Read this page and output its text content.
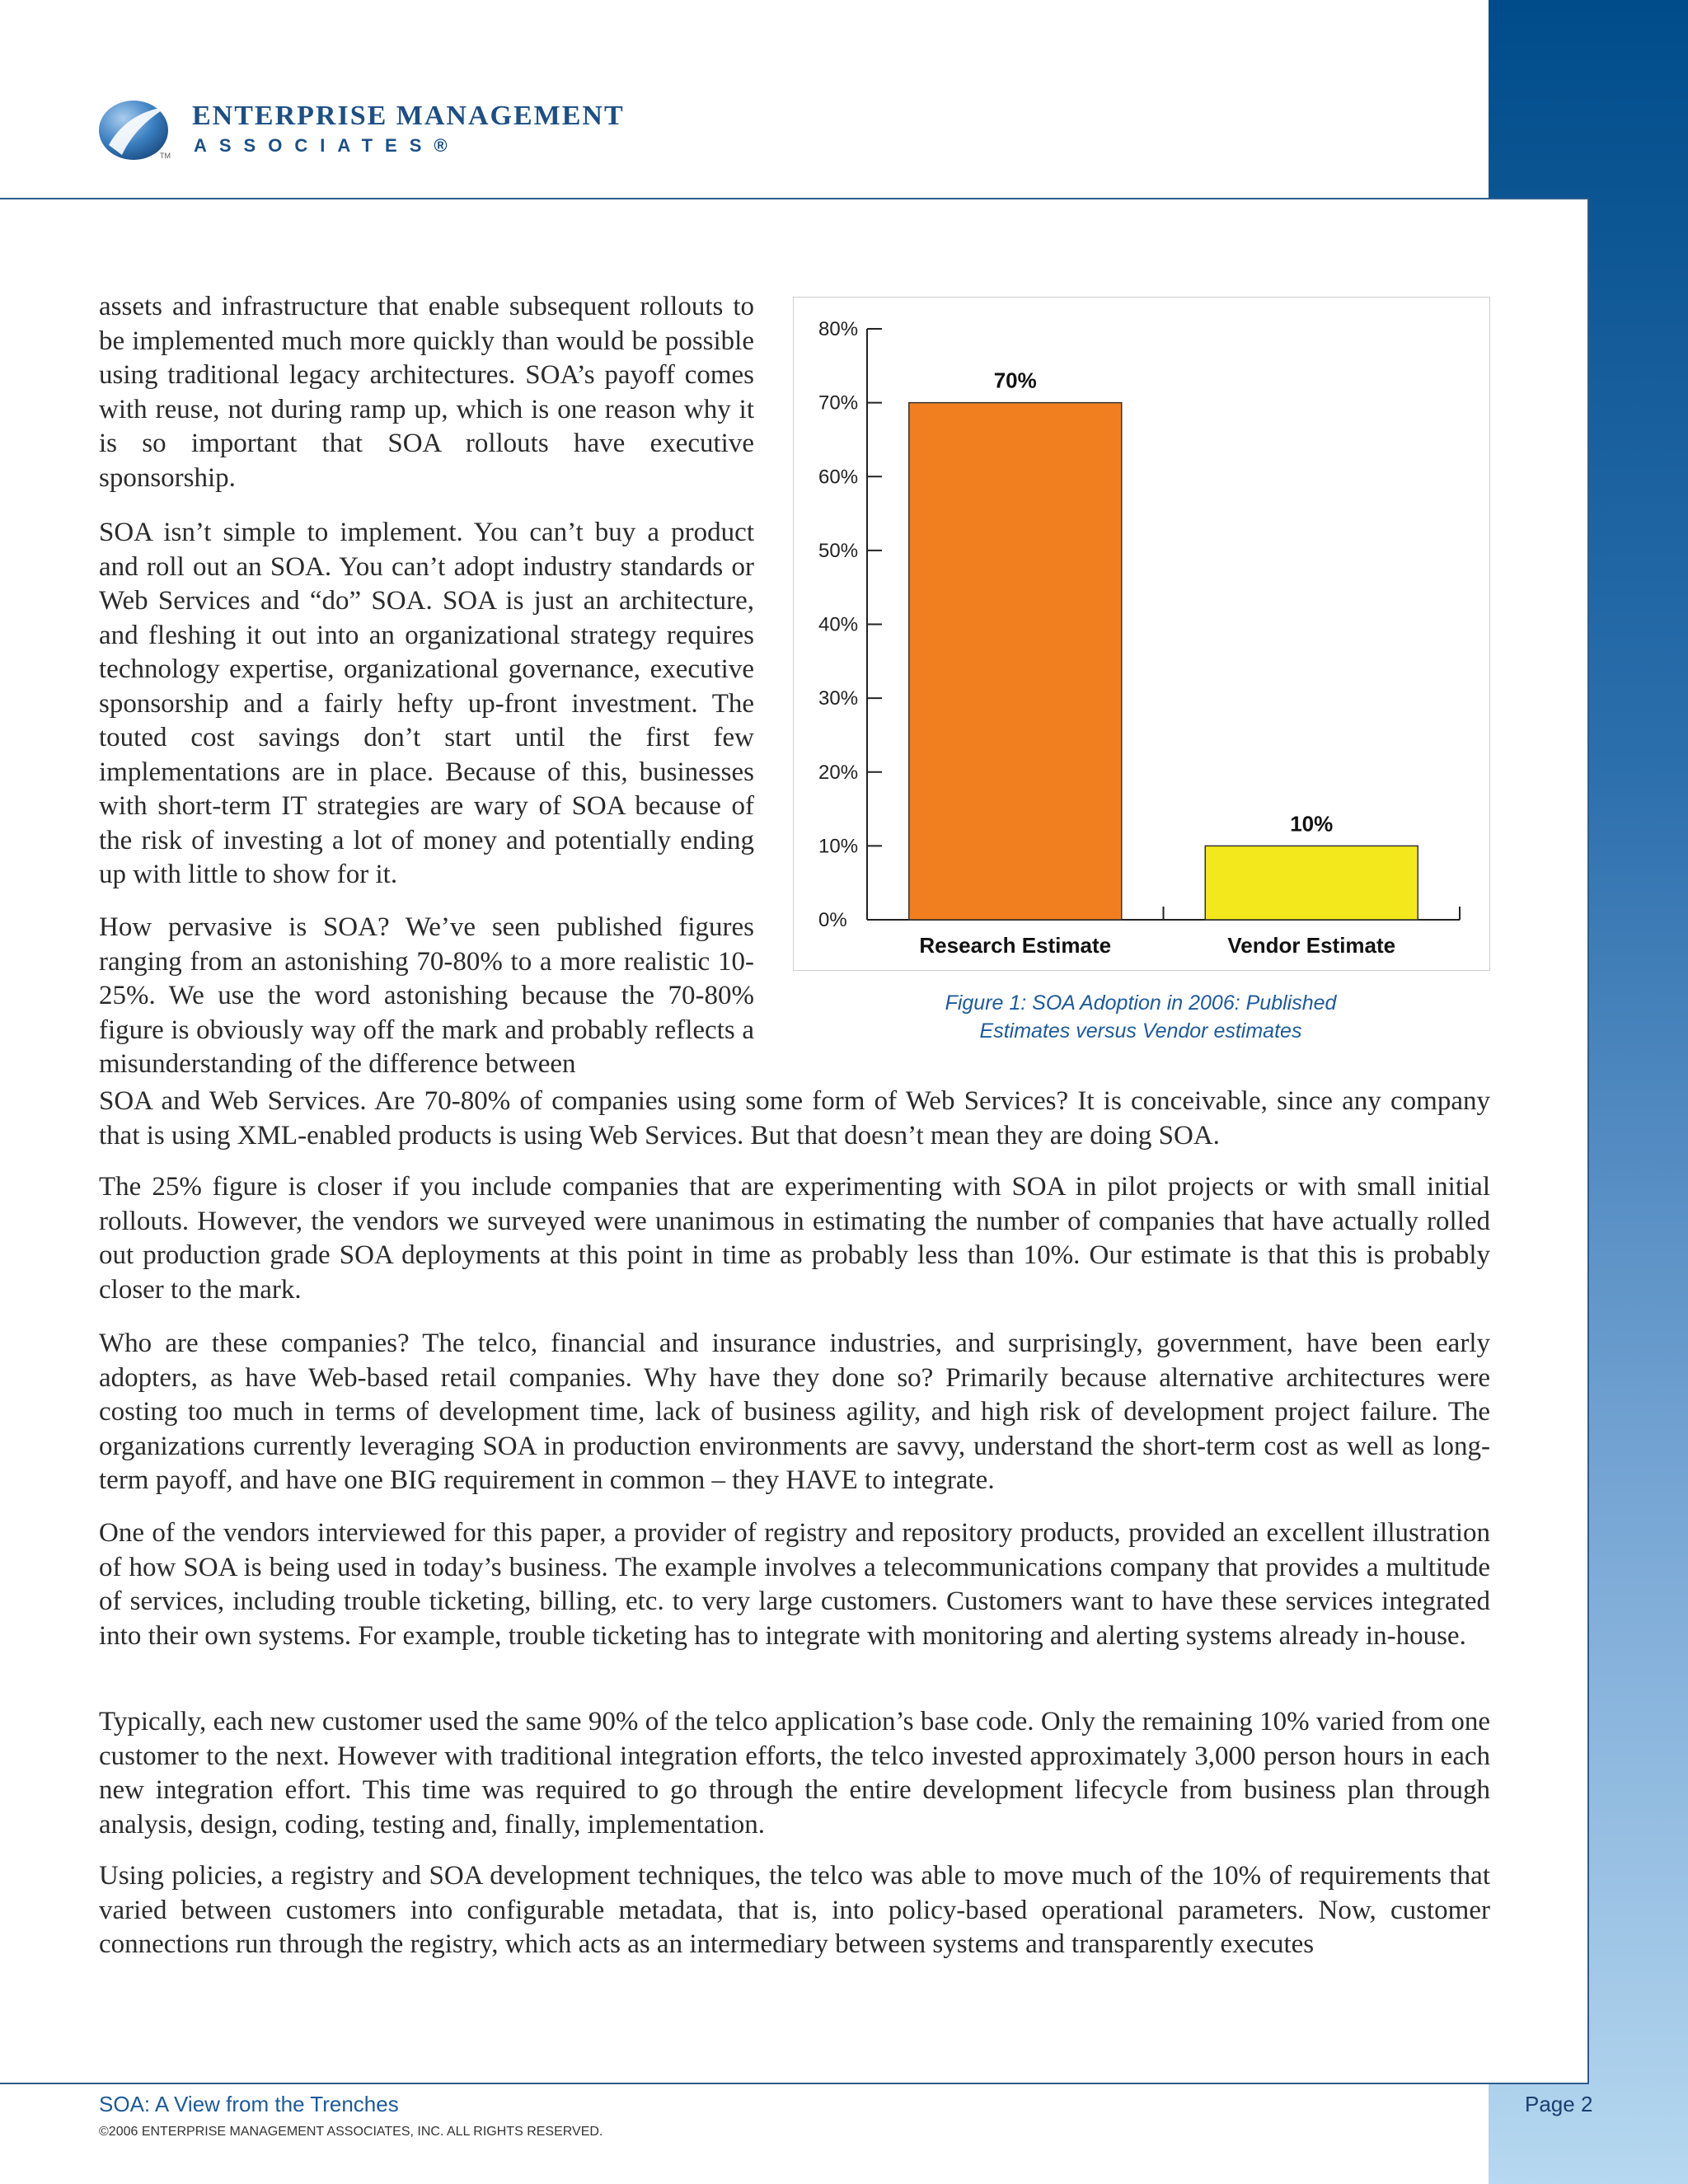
TM
ENTERPRISE MANAGEMENT
ASSOCIATES®

assets and infrastructure that enable subsequent rollouts to be implemented much more quickly than would be possible using traditional legacy architectures. SOA’s payoff comes with reuse, not during ramp up, which is one reason why it is so important that SOA rollouts have executive sponsorship.

SOA isn’t simple to implement. You can’t buy a product and roll out an SOA. You can’t adopt industry standards or Web Services and “do” SOA. SOA is just an architecture, and fleshing it out into an organizational strategy requires technology expertise, organizational governance, executive sponsorship and a fairly hefty up-front investment. The touted cost savings don’t start until the first few implementations are in place. Because of this, businesses with short-term IT strategies are wary of SOA because of the risk of investing a lot of money and potentially ending up with little to show for it.

How pervasive is SOA? We’ve seen published figures ranging from an astonishing 70-80% to a more realistic 10-25%. We use the word astonishing because the 70-80% figure is obviously way off the mark and probably reflects a misunderstanding of the difference between

SOA and Web Services. Are 70-80% of companies using some form of Web Services? It is conceivable, since any company that is using XML-enabled products is using Web Services. But that doesn’t mean they are doing SOA.

The 25% figure is closer if you include companies that are experimenting with SOA in pilot projects or with small initial rollouts. However, the vendors we surveyed were unanimous in estimating the number of companies that have actually rolled out production grade SOA deployments at this point in time as probably less than 10%. Our estimate is that this is probably closer to the mark.

Who are these companies? The telco, financial and insurance industries, and surprisingly, government, have been early adopters, as have Web-based retail companies. Why have they done so? Primarily because alternative architectures were costing too much in terms of development time, lack of business agility, and high risk of development project failure. The organizations currently leveraging SOA in production environments are savvy, understand the short-term cost as well as long-term payoff, and have one BIG requirement in common – they HAVE to integrate.

One of the vendors interviewed for this paper, a provider of registry and repository products, provided an excellent illustration of how SOA is being used in today’s business. The example involves a telecommunications company that provides a multitude of services, including trouble ticketing, billing, etc. to very large customers. Customers want to have these services integrated into their own systems. For example, trouble ticketing has to integrate with monitoring and alerting systems already in-house.

Typically, each new customer used the same 90% of the telco application’s base code. Only the remaining 10% varied from one customer to the next. However with traditional integration efforts, the telco invested approximately 3,000 person hours in each new integration effort. This time was required to go through the entire development lifecycle from business plan through analysis, design, coding, testing and, finally, implementation.

Using policies, a registry and SOA development techniques, the telco was able to move much of the 10% of requirements that varied between customers into configurable metadata, that is, into policy-based operational parameters. Now, customer connections run through the registry, which acts as an intermediary between systems and transparently executes

0%
10%
20%
30%
40%
50%
60%
70%
80%
70%
Research Estimate
10%
Vendor Estimate
Figure 1: SOA Adoption in 2006: Published
Estimates versus Vendor estimates
SOA: A View from the Trenches
©2006 ENTERPRISE MANAGEMENT ASSOCIATES, INC. ALL RIGHTS RESERVED.
Page 2
